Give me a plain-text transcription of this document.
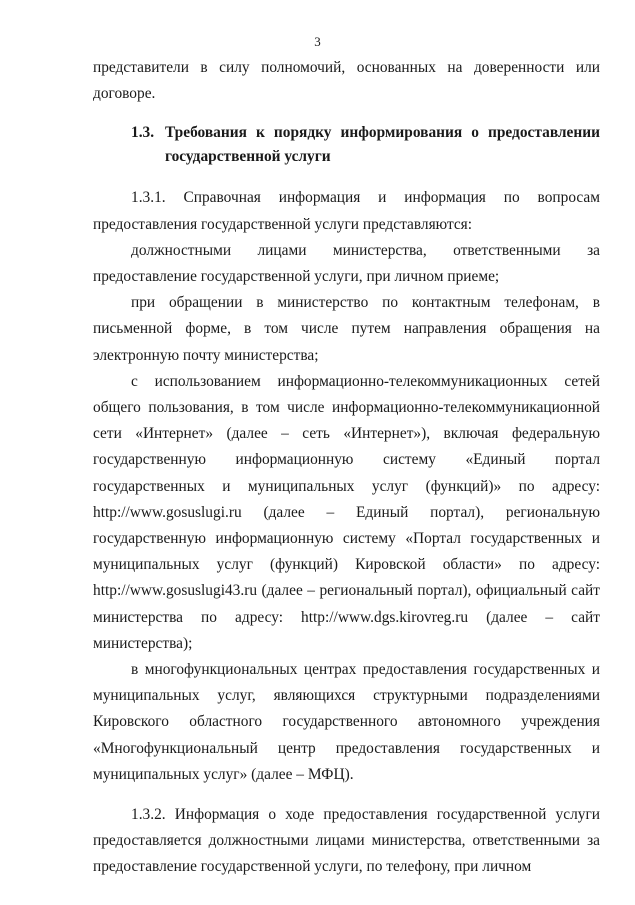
3

представители в силу полномочий, основанных на доверенности или договоре.

1.3. Требования к порядку информирования о предоставлении государственной услуги

1.3.1. Справочная информация и информация по вопросам предоставления государственной услуги представляются:

должностными лицами министерства, ответственными за предоставление государственной услуги, при личном приеме;

при обращении в министерство по контактным телефонам, в письменной форме, в том числе путем направления обращения на электронную почту министерства;

с использованием информационно-телекоммуникационных сетей общего пользования, в том числе информационно-телекоммуникационной сети «Интернет» (далее – сеть «Интернет»), включая федеральную государственную информационную систему «Единый портал государственных и муниципальных услуг (функций)» по адресу: http://www.gosuslugi.ru (далее – Единый портал), региональную государственную информационную систему «Портал государственных и муниципальных услуг (функций) Кировской области» по адресу: http://www.gosuslugi43.ru (далее – региональный портал), официальный сайт министерства по адресу: http://www.dgs.kirovreg.ru (далее – сайт министерства);

в многофункциональных центрах предоставления государственных и муниципальных услуг, являющихся структурными подразделениями Кировского областного государственного автономного учреждения «Многофункциональный центр предоставления государственных и муниципальных услуг» (далее – МФЦ).

1.3.2. Информация о ходе предоставления государственной услуги предоставляется должностными лицами министерства, ответственными за предоставление государственной услуги, по телефону, при личном
